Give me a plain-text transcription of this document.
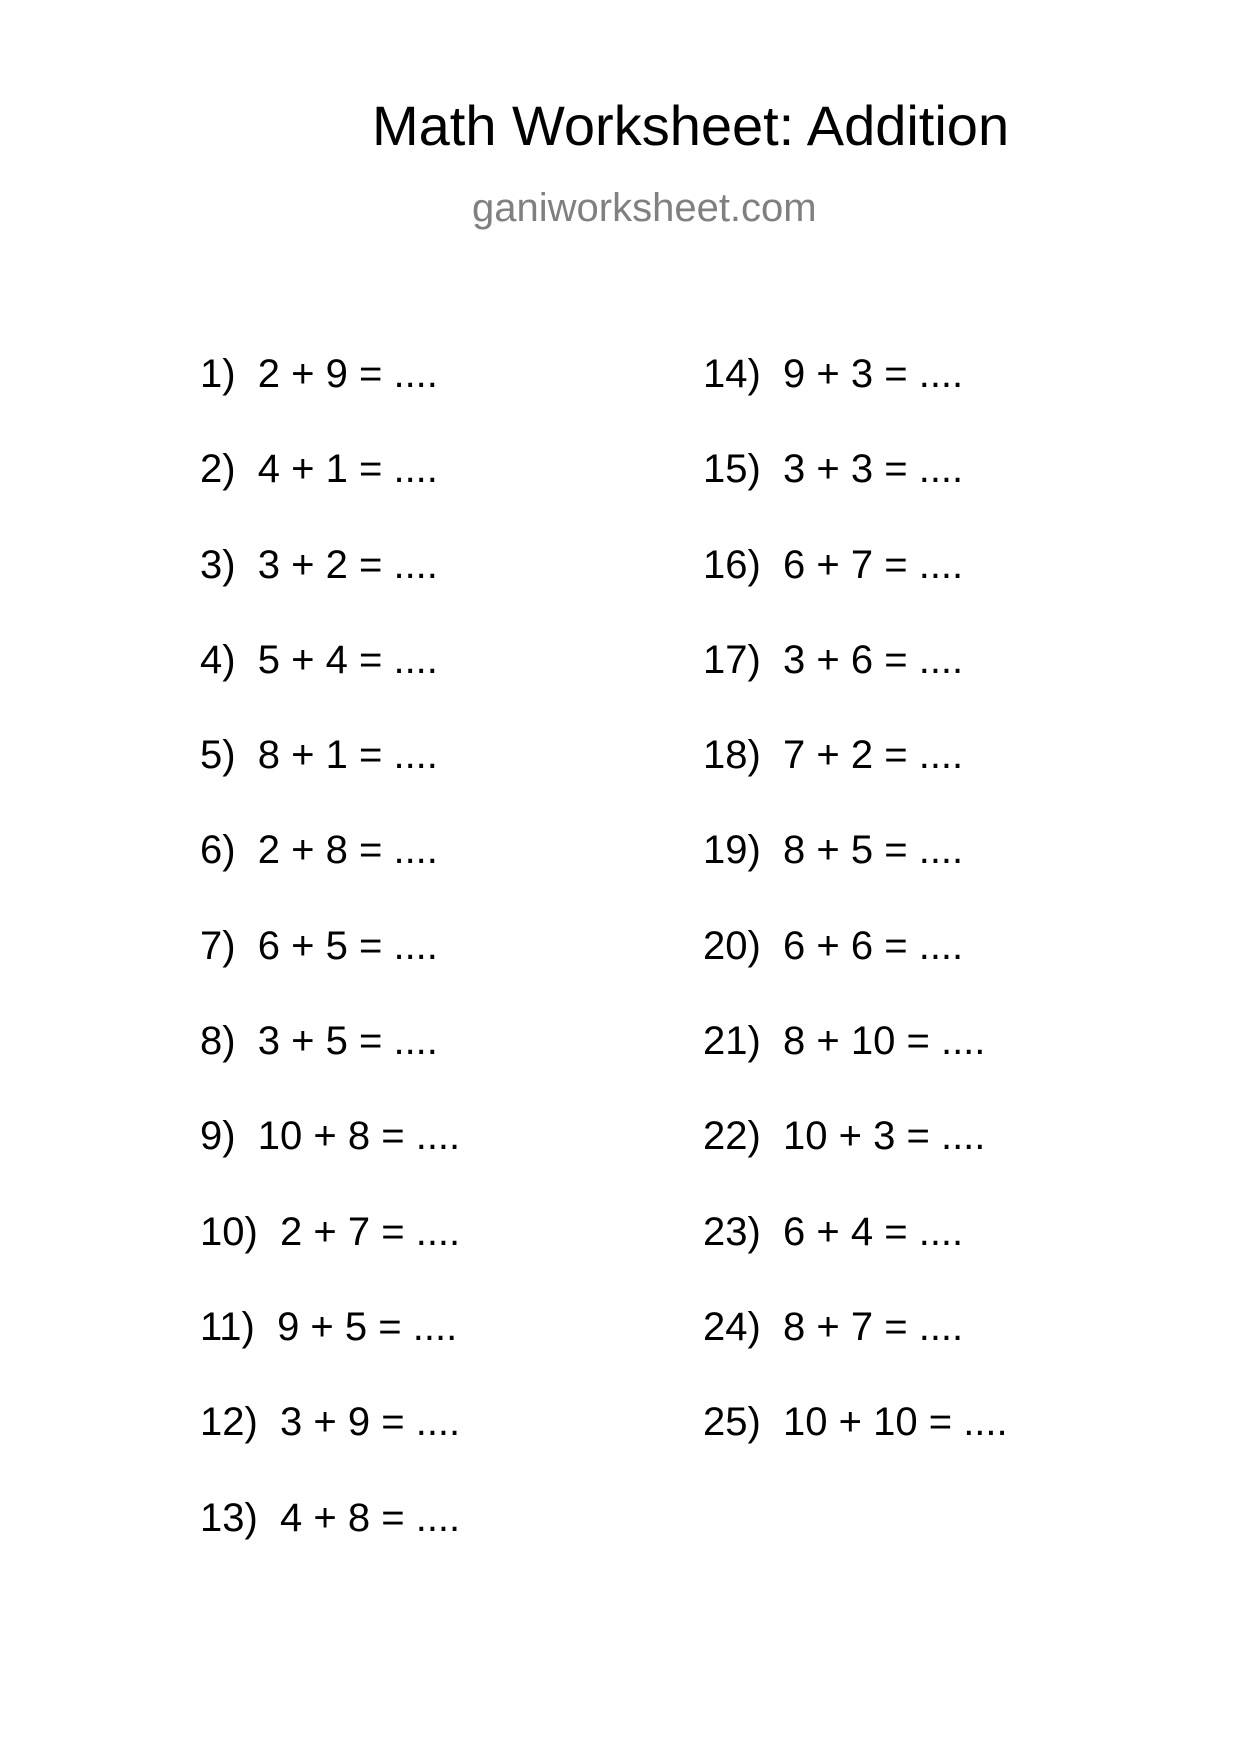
Math Worksheet: Addition
ganiworksheet.com
1)  2 + 9 = ....
2)  4 + 1 = ....
3)  3 + 2 = ....
4)  5 + 4 = ....
5)  8 + 1 = ....
6)  2 + 8 = ....
7)  6 + 5 = ....
8)  3 + 5 = ....
9)  10 + 8 = ....
10)  2 + 7 = ....
11)  9 + 5 = ....
12)  3 + 9 = ....
13)  4 + 8 = ....
14)  9 + 3 = ....
15)  3 + 3 = ....
16)  6 + 7 = ....
17)  3 + 6 = ....
18)  7 + 2 = ....
19)  8 + 5 = ....
20)  6 + 6 = ....
21)  8 + 10 = ....
22)  10 + 3 = ....
23)  6 + 4 = ....
24)  8 + 7 = ....
25)  10 + 10 = ....
